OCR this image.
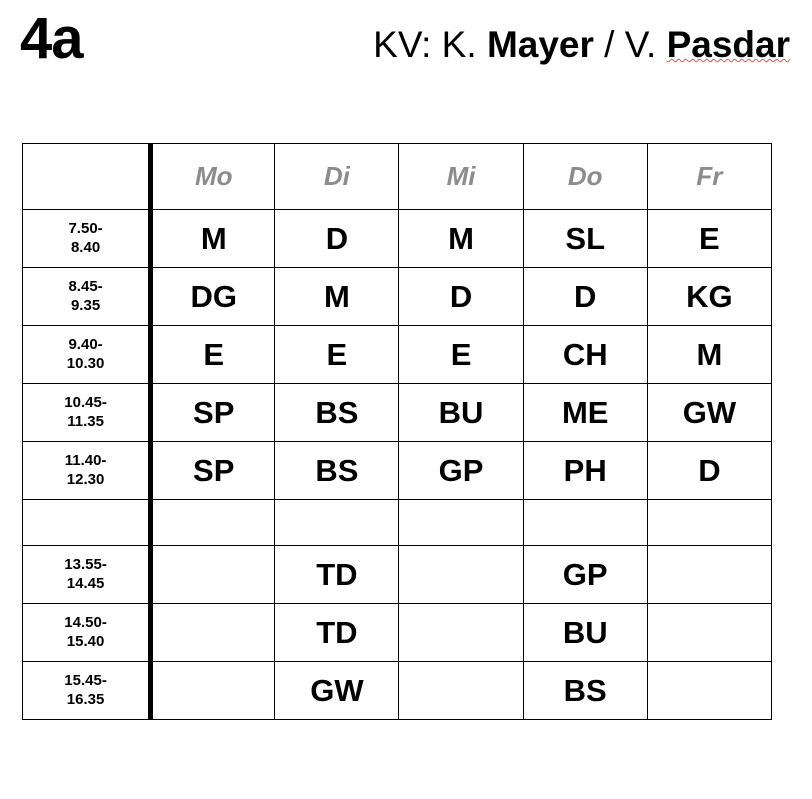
4a	KV: K. Mayer / V. Pasdar
	Mo	Di	Mi	Do	Fr
7.50-
8.40	M	D	M	SL	E
8.45-
9.35	DG	M	D	D	KG
9.40-
10.30	E	E	E	CH	M
10.45-
11.35	SP	BS	BU	ME	GW
11.40-
12.30	SP	BS	GP	PH	D

13.55-
14.45		TD		GP	
14.50-
15.40		TD		BU	
15.45-
16.35		GW		BS	
